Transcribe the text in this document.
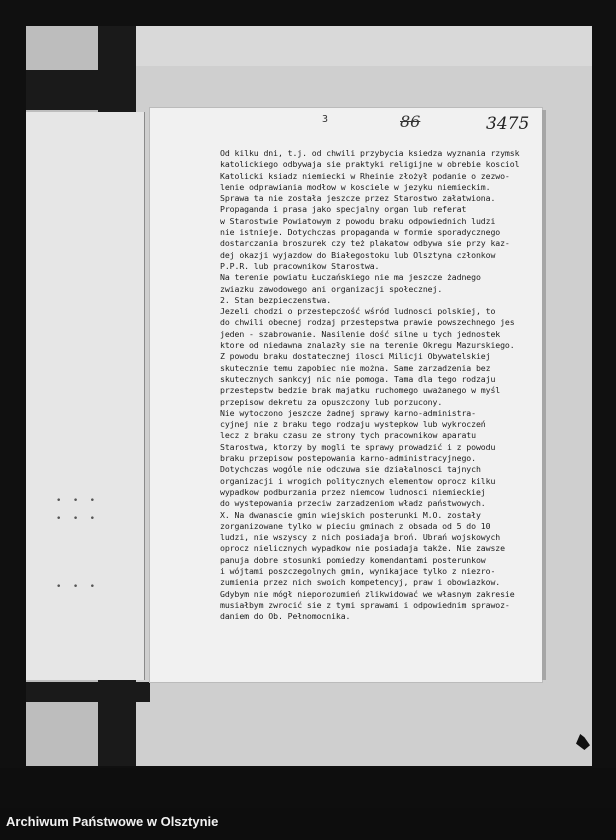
• • •
• • •
• • •
3	86	3475
Od kilku dni, t.j. od chwili przybycia ksiedza wyznania rzymsk
katolickiego odbywaja sie praktyki religijne w obrebie kosciol
Katolicki ksiadz niemiecki w Rheinie złożył podanie o zezwo-
lenie odprawiania modłow w kosciele w jezyku niemieckim.
Sprawa ta nie została jeszcze przez Starostwo załatwiona.
Propaganda i prasa jako specjalny organ lub referat
w Starostwie Powiatowym z powodu braku odpowiednich ludzi
nie istnieje. Dotychczas propaganda w formie sporadycznego
dostarczania broszurek czy też plakatow odbywa sie przy kaz-
dej okazji wyjazdow do Białegostoku lub Olsztyna członkow
P.P.R. lub pracownikow Starostwa.
Na terenie powiatu Łuczańskiego nie ma jeszcze żadnego
zwiazku zawodowego ani organizacji społecznej.
2. Stan bezpieczenstwa.
Jezeli chodzi o przestepczość wśród ludnosci polskiej, to
do chwili obecnej rodzaj przestepstwa prawie powszechnego jes
jeden - szabrowanie. Nasilenie dość silne u tych jednostek
ktore od niedawna znalazły sie na terenie Okregu Mazurskiego.
Z powodu braku dostatecznej ilosci Milicji Obywatelskiej
skutecznie temu zapobiec nie można. Same zarzadzenia bez
skutecznych sankcyj nic nie pomoga. Tama dla tego rodzaju
przestepstw bedzie brak majatku ruchomego uważanego w myśl
przepisow dekretu za opuszczony lub porzucony.
Nie wytoczono jeszcze żadnej sprawy karno-administra-
cyjnej nie z braku tego rodzaju wystepkow lub wykroczeń
lecz z braku czasu ze strony tych pracownikow aparatu
Starostwa, ktorzy by mogli te sprawy prowadzić i z powodu
braku przepisow postepowania karno-administracyjnego.
Dotychczas wogóle nie odczuwa sie działalnosci tajnych
organizacji i wrogich politycznych elementow oprocz kilku
wypadkow podburzania przez niemcow ludnosci niemieckiej
do wystepowania przeciw zarzadzeniom władz państwowych.
X. Na dwanascie gmin wiejskich posterunki M.O. zostały
zorganizowane tylko w pieciu gminach z obsada od 5 do 10
ludzi, nie wszyscy z nich posiadaja broń. Ubrań wojskowych
oprocz nielicznych wypadkow nie posiadaja także. Nie zawsze
panuja dobre stosunki pomiedzy komendantami posterunkow
i wójtami poszczegolnych gmin, wynikajace tylko z niezro-
zumienia przez nich swoich kompetencyj, praw i obowiazkow.
Gdybym nie mógł nieporozumień zlikwidować we własnym zakresie
musiałbym zwrocić sie z tymi sprawami i odpowiednim sprawoz-
daniem do Ob. Pełnomocnika.
Archiwum Państwowe w Olsztynie
